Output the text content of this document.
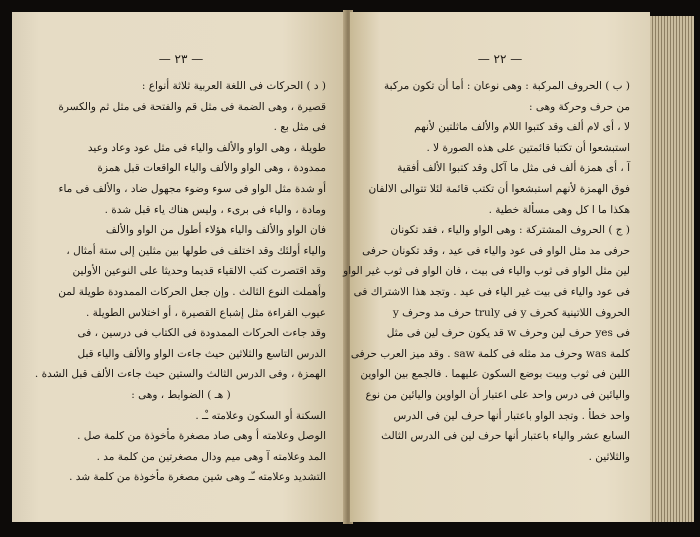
— ٢٣ —
( د ) الحركات فى اللغة العربية ثلاثة أنواع :
قصيرة ، وهى الضمة فى مثل قم والفتحة فى مثل ثم والكسرة
فى مثل بع .
طويلة ، وهى الواو والألف والياء فى مثل عود وعاد وعيد
ممدودة ، وهى الواو والألف والياء الواقعات قبل همزة
أو شدة مثل الواو فى سوء وضوء مجهول ضاد ، والألف فى ماء
ومادة ، والياء فى برىء ، وليس هناك ياء قبل شدة .
فان الواو والألف والياء هؤلاء أطول من الواو والألف
والياء أولئك وقد اختلف فى طولها بين مثلين إلى ستة أمثال ،
وقد اقتصرت كتب الالقياء قديما وحديثا على النوعين الأولين
وأهملت النوع الثالث . وإن جعل الحركات الممدودة طويلة لمن
عيوب القراءة مثل إشباع القصيرة ، أو اختلاس الطويلة .
وقد جاءت الحركات الممدودة فى الكتاب فى درسين ، فى
الدرس التاسع والثلاثين حيث جاءت الواو والألف والياء قبل
الهمزة ، وفى الدرس الثالث والستين حيث جاءت الألف قبل الشدة .
( هـ ) الضوابط ، وهى :
السكنة أو السكون وعلامته ـْـ .
الوصل وعلامته أ وهى صاد مصغرة مأخوذة من كلمة صل .
المد وعلامته آ وهى ميم ودال مصغرتين من كلمة مد .
التشديد وعلامته ـّـ وهى شين مصغرة مأخوذة من كلمة شد .
— ٢٢ —
( ب ) الحروف المركبة : وهى نوعان : أما أن تكون مركبة
من حرف وحركة وهى :
لا ، أى لام ألف وقد كتبوا اللام والألف ماثلتين لأنهم
استبشعوا أن تكتبا قائمتين على هذه الصورة لا .
آ ، أى همزة ألف فى مثل ما آكل وقد كتبوا الألف أفقية
فوق الهمزة لأنهم استبشعوا أن تكتب قائمة لئلا تتوالى الالفان
هكذا ما ا كل وهى مسألة خطية .
( ج ) الحروف المشتركة : وهى الواو والياء ، فقد تكونان
حرفى مد مثل الواو فى عود والياء فى عيد ، وقد تكونان حرفى
لين مثل الواو فى ثوب والياء فى بيت ، فان الواو فى ثوب غير الواو
فى عود والياء فى بيت غير الياء فى عيد . وتجد هذا الاشتراك فى
الحروف اللاتينية كحرف y فى truly حرف مد وحرف y
فى yes حرف لين وحرف w قد يكون حرف لين فى مثل
كلمة was وحرف مد مثله فى كلمة saw . وقد ميز العرب حرفى
اللين فى ثوب وبيت بوضع السكون عليهما . فالجمع بين الواوين
واليائين فى درس واحد على اعتبار أن الواوين واليائين من نوع
واحد خطأ . وتجد الواو باعتبار أنها حرف لين فى الدرس
السابع عشر والياء باعتبار أنها حرف لين فى الدرس الثالث
والثلاثين .
